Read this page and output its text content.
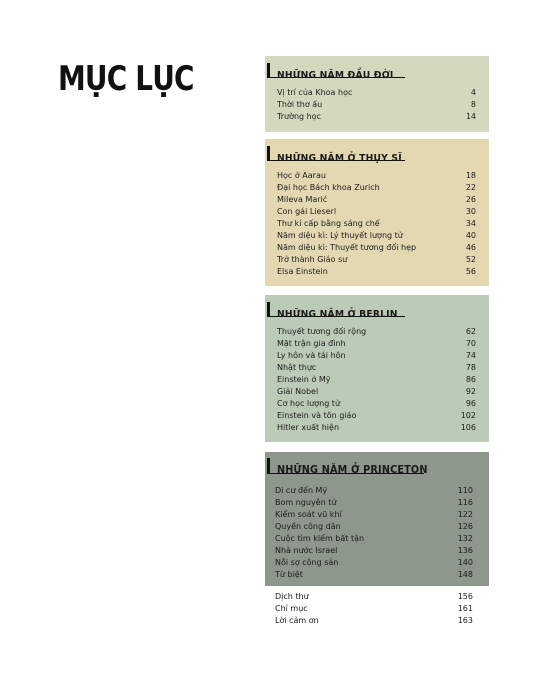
MỤC LỤC	NHỮNG NĂM ĐẦU ĐỜI
Vị trí của Khoa học	4
Thời thơ ấu	8
Trường học	14
NHỮNG NĂM Ở THỤY SĨ
Học ở Aarau	18
Đại học Bách khoa Zurich	22
Mileva Marić	26
Con gái Lieserl	30
Thư kí cấp bằng sáng chế	34
Năm diệu kì: Lý thuyết lượng tử	40
Năm diệu kì: Thuyết tương đối hẹp	46
Trở thành Giáo sư	52
Elsa Einstein	56
NHỮNG NĂM Ở BERLIN
Thuyết tương đối rộng	62
Mặt trận gia đình	70
Ly hôn và tái hôn	74
Nhật thực	78
Einstein ở Mỹ	86
Giải Nobel	92
Cơ học lượng tử	96
Einstein và tôn giáo	102
Hitler xuất hiện	106
NHỮNG NĂM Ở PRINCETON
Di cư đến Mỹ	110
Bom nguyên tử	116
Kiểm soát vũ khí	122
Quyền công dân	126
Cuộc tìm kiếm bất tận	132
Nhà nước Israel	136
Nỗi sợ cộng sản	140
Từ biệt	148
Dịch thư	156
Chỉ mục	161
Lời cảm ơn	163
